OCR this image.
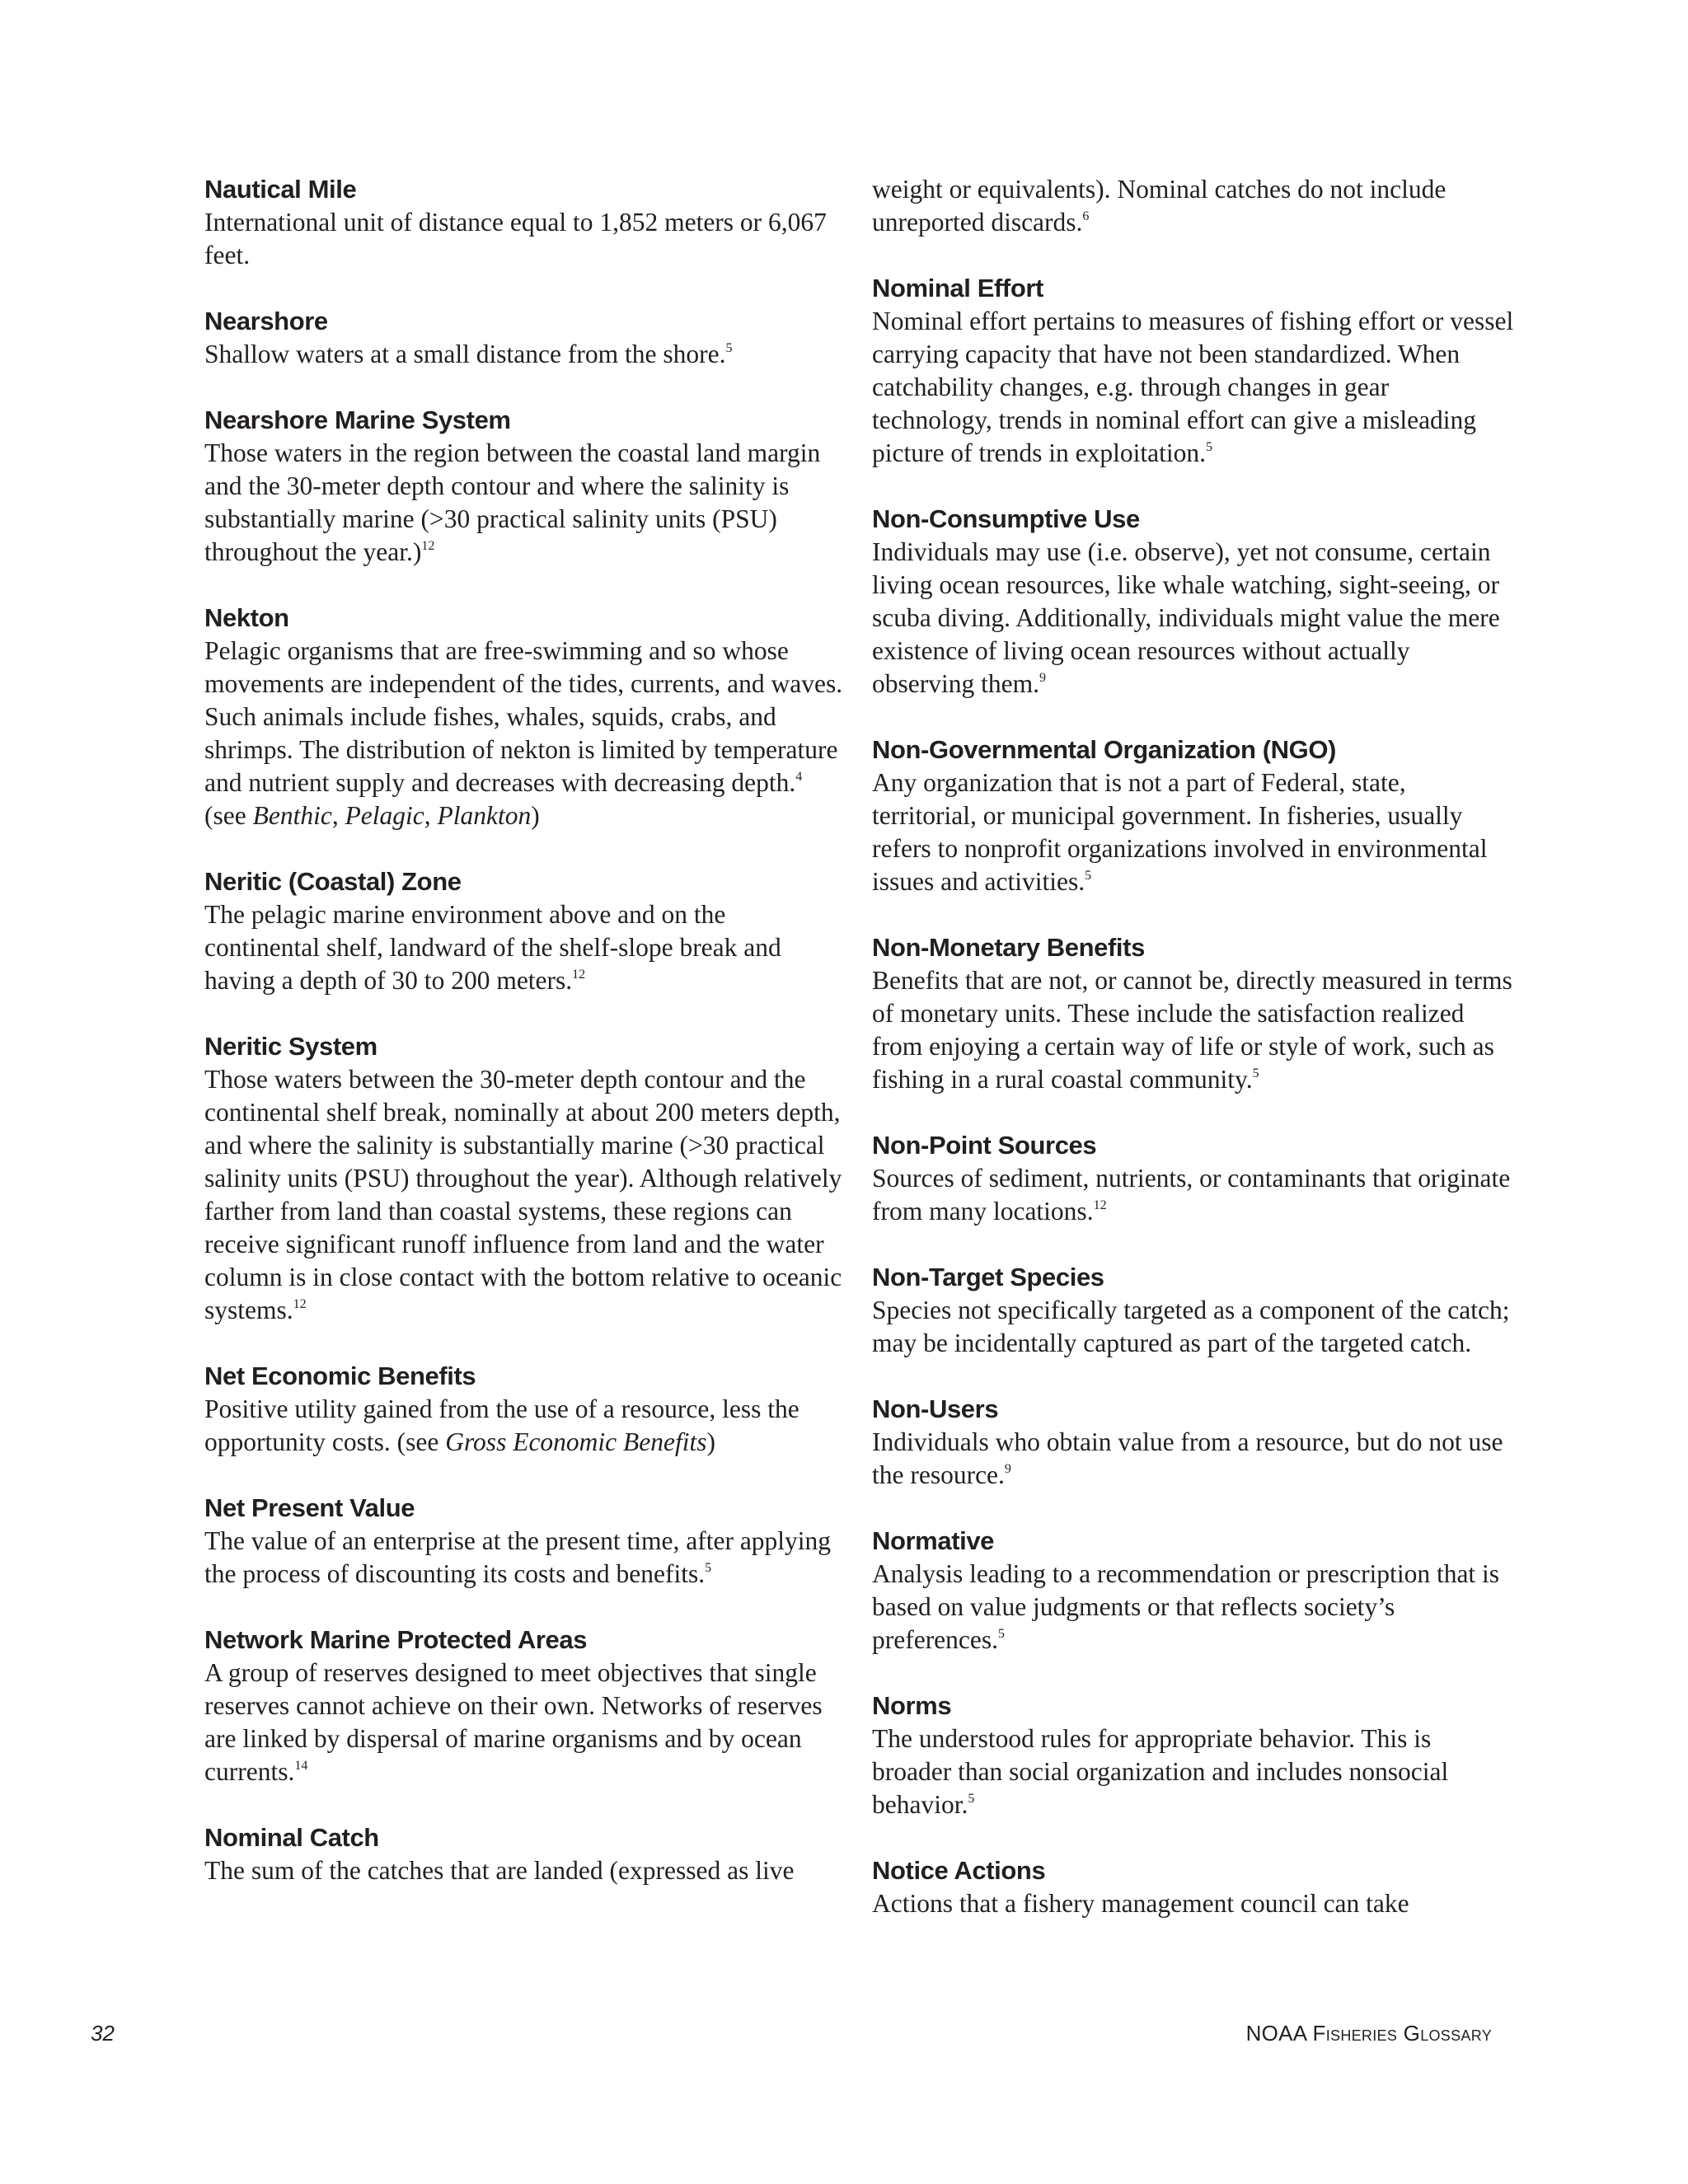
Nautical Mile

International unit of distance equal to 1,852 meters or 6,067 feet.

Nearshore

Shallow waters at a small distance from the shore.$^5$

Nearshore Marine System

Those waters in the region between the coastal land margin and the 30-meter depth contour and where the salinity is substantially marine (>30 practical salinity units (PSU) throughout the year.)$^{12}$

Nekton

Pelagic organisms that are free-swimming and so whose movements are independent of the tides, currents, and waves. Such animals include fishes, whales, squids, crabs, and shrimps. The distribution of nekton is limited by temperature and nutrient supply and decreases with decreasing depth.$^4$ (see Benthic, Pelagic, Plankton)

Neritic (Coastal) Zone

The pelagic marine environment above and on the continental shelf, landward of the shelf-slope break and having a depth of 30 to 200 meters.$^{12}$

Neritic System

Those waters between the 30-meter depth contour and the continental shelf break, nominally at about 200 meters depth, and where the salinity is substantially marine (>30 practical salinity units (PSU) throughout the year). Although relatively farther from land than coastal systems, these regions can receive significant runoff influence from land and the water column is in close contact with the bottom relative to oceanic systems.$^{12}$

Net Economic Benefits

Positive utility gained from the use of a resource, less the opportunity costs. (see Gross Economic Benefits)

Net Present Value

The value of an enterprise at the present time, after applying the process of discounting its costs and benefits.$^5$

Network Marine Protected Areas

A group of reserves designed to meet objectives that single reserves cannot achieve on their own. Networks of reserves are linked by dispersal of marine organisms and by ocean currents.$^{14}$

Nominal Catch

The sum of the catches that are landed (expressed as live

weight or equivalents). Nominal catches do not include unreported discards.$^6$

Nominal Effort

Nominal effort pertains to measures of fishing effort or vessel carrying capacity that have not been standardized. When catchability changes, e.g. through changes in gear technology, trends in nominal effort can give a misleading picture of trends in exploitation.$^5$

Non-Consumptive Use

Individuals may use (i.e. observe), yet not consume, certain living ocean resources, like whale watching, sight-seeing, or scuba diving. Additionally, individuals might value the mere existence of living ocean resources without actually observing them.$^9$

Non-Governmental Organization (NGO)

Any organization that is not a part of Federal, state, territorial, or municipal government. In fisheries, usually refers to nonprofit organizations involved in environmental issues and activities.$^5$

Non-Monetary Benefits

Benefits that are not, or cannot be, directly measured in terms of monetary units. These include the satisfaction realized from enjoying a certain way of life or style of work, such as fishing in a rural coastal community.$^5$

Non-Point Sources

Sources of sediment, nutrients, or contaminants that originate from many locations.$^{12}$

Non-Target Species

Species not specifically targeted as a component of the catch; may be incidentally captured as part of the targeted catch.

Non-Users

Individuals who obtain value from a resource, but do not use the resource.$^9$

Normative

Analysis leading to a recommendation or prescription that is based on value judgments or that reflects society’s preferences.$^5$

Norms

The understood rules for appropriate behavior. This is broader than social organization and includes nonsocial behavior.$^5$

Notice Actions

Actions that a fishery management council can take

32	NOAA Fisheries Glossary
